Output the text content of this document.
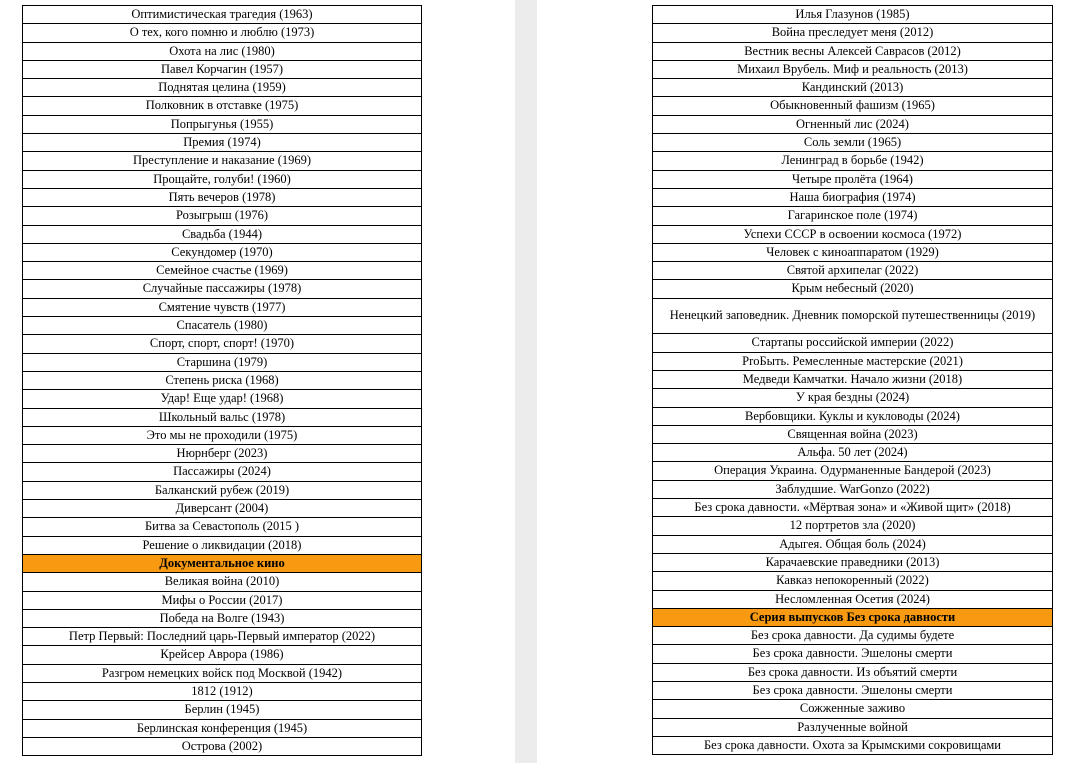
Оптимистическая трагедия (1963)
О тех, кого помню и люблю (1973)
Охота на лис (1980)
Павел Корчагин (1957)
Поднятая целина (1959)
Полковник в отставке (1975)
Попрыгунья (1955)
Премия (1974)
Преступление и наказание (1969)
Прощайте, голуби! (1960)
Пять вечеров (1978)
Розыгрыш (1976)
Свадьба (1944)
Секундомер (1970)
Семейное счастье (1969)
Случайные пассажиры (1978)
Смятение чувств (1977)
Спасатель (1980)
Спорт, спорт, спорт! (1970)
Старшина (1979)
Степень риска (1968)
Удар! Еще удар! (1968)
Школьный вальс (1978)
Это мы не проходили (1975)
Нюрнберг (2023)
Пассажиры (2024)
Балканский рубеж (2019)
Диверсант (2004)
Битва за Севастополь (2015 )
Решение о ликвидации (2018)
Документальное кино
Великая война (2010)
Мифы о России (2017)
Победа на Волге (1943)
Петр Первый: Последний царь-Первый император (2022)
Крейсер Аврора (1986)
Разгром немецких войск под Москвой (1942)
1812 (1912)
Берлин (1945)
Берлинская конференция (1945)
Острова (2002)
Илья Глазунов (1985)
Война преследует меня (2012)
Вестник весны Алексей Саврасов (2012)
Михаил Врубель. Миф и реальность (2013)
Кандинский (2013)
Обыкновенный фашизм (1965)
Огненный лис (2024)
Соль земли (1965)
Ленинград в борьбе (1942)
Четыре пролёта (1964)
Наша биография (1974)
Гагаринское поле (1974)
Успехи СССР в освоении космоса (1972)
Человек с киноаппаратом (1929)
Святой архипелаг (2022)
Крым небесный (2020)
Ненецкий заповедник. Дневник поморской путешественницы (2019)
Стартапы российской империи (2022)
ProБыть. Ремесленные мастерские (2021)
Медведи Камчатки. Начало жизни (2018)
У края бездны (2024)
Вербовщики. Куклы и кукловоды (2024)
Священная война (2023)
Альфа. 50 лет (2024)
Операция Украина. Одурманенные Бандерой (2023)
Заблудшие. WarGonzo (2022)
Без срока давности. «Мёртвая зона» и «Живой щит» (2018)
12 портретов зла (2020)
Адыгея. Общая боль (2024)
Карачаевские праведники (2013)
Кавказ непокоренный (2022)
Несломленная Осетия (2024)
Серия выпусков Без срока давности
Без срока давности. Да судимы будете
Без срока давности. Эшелоны смерти
Без срока давности. Из объятий смерти
Без срока давности. Эшелоны смерти
Сожженные заживо
Разлученные войной
Без срока давности. Охота за Крымскими сокровищами
